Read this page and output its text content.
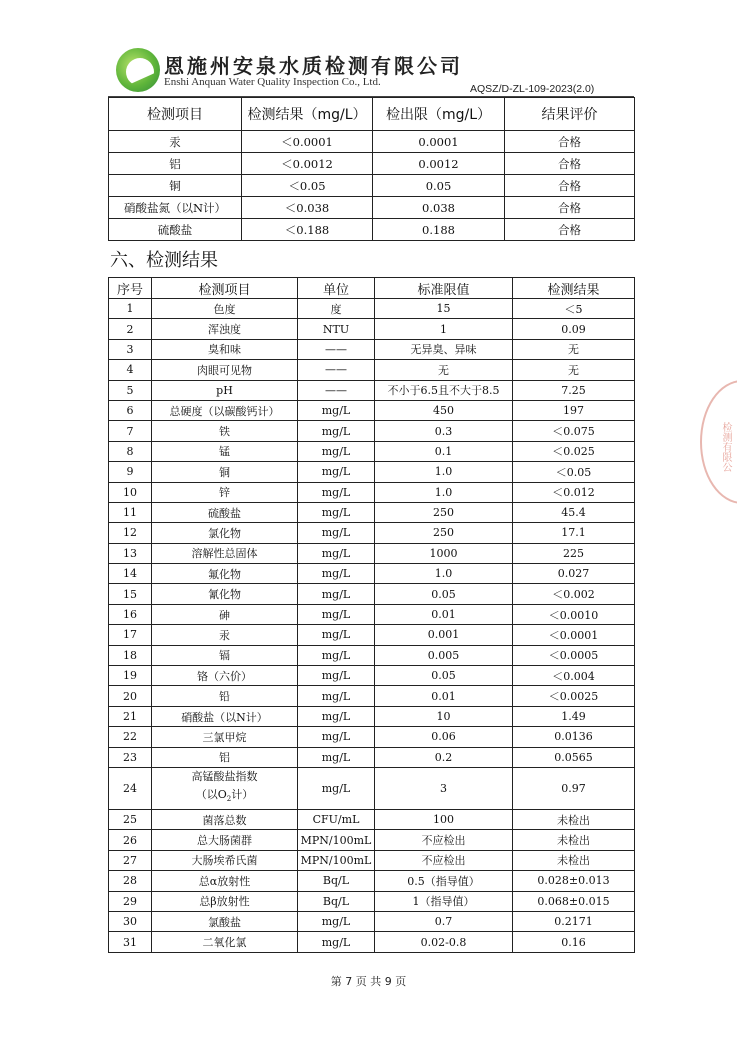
恩施州安泉水质检测有限公司
Enshi Anquan Water Quality Inspection Co., Ltd.
AQSZ/D-ZL-109-2023(2.0)
检测项目	检测结果（mg/L）	检出限（mg/L）	结果评价
汞	＜0.0001	0.0001	合格
铝	＜0.0012	0.0012	合格
铜	＜0.05	0.05	合格
硝酸盐氮（以N计）	＜0.038	0.038	合格
硫酸盐	＜0.188	0.188	合格
六、检测结果
序号	检测项目	单位	标准限值	检测结果
1	色度	度	15	＜5
2	浑浊度	NTU	1	0.09
3	臭和味	——	无异臭、异味	无
4	肉眼可见物	——	无	无
5	pH	——	不小于6.5且不大于8.5	7.25
6	总硬度（以碳酸钙计）	mg/L	450	197
7	铁	mg/L	0.3	＜0.075
8	锰	mg/L	0.1	＜0.025
9	铜	mg/L	1.0	＜0.05
10	锌	mg/L	1.0	＜0.012
11	硫酸盐	mg/L	250	45.4
12	氯化物	mg/L	250	17.1
13	溶解性总固体	mg/L	1000	225
14	氟化物	mg/L	1.0	0.027
15	氰化物	mg/L	0.05	＜0.002
16	砷	mg/L	0.01	＜0.0010
17	汞	mg/L	0.001	＜0.0001
18	镉	mg/L	0.005	＜0.0005
19	铬（六价）	mg/L	0.05	＜0.004
20	铅	mg/L	0.01	＜0.0025
21	硝酸盐（以N计）	mg/L	10	1.49
22	三氯甲烷	mg/L	0.06	0.0136
23	铝	mg/L	0.2	0.0565
24	高锰酸盐指数
（以$O_2$计）	mg/L	3	0.97
25	菌落总数	CFU/mL	100	未检出
26	总大肠菌群	MPN/100mL	不应检出	未检出
27	大肠埃希氏菌	MPN/100mL	不应检出	未检出
28	总α放射性	Bq/L	0.5（指导值）	0.028±0.013
29	总β放射性	Bq/L	1（指导值）	0.068±0.015
30	氯酸盐	mg/L	0.7	0.2171
31	二氧化氯	mg/L	0.02-0.8	0.16
第 7 页 共 9 页
检测有限公
